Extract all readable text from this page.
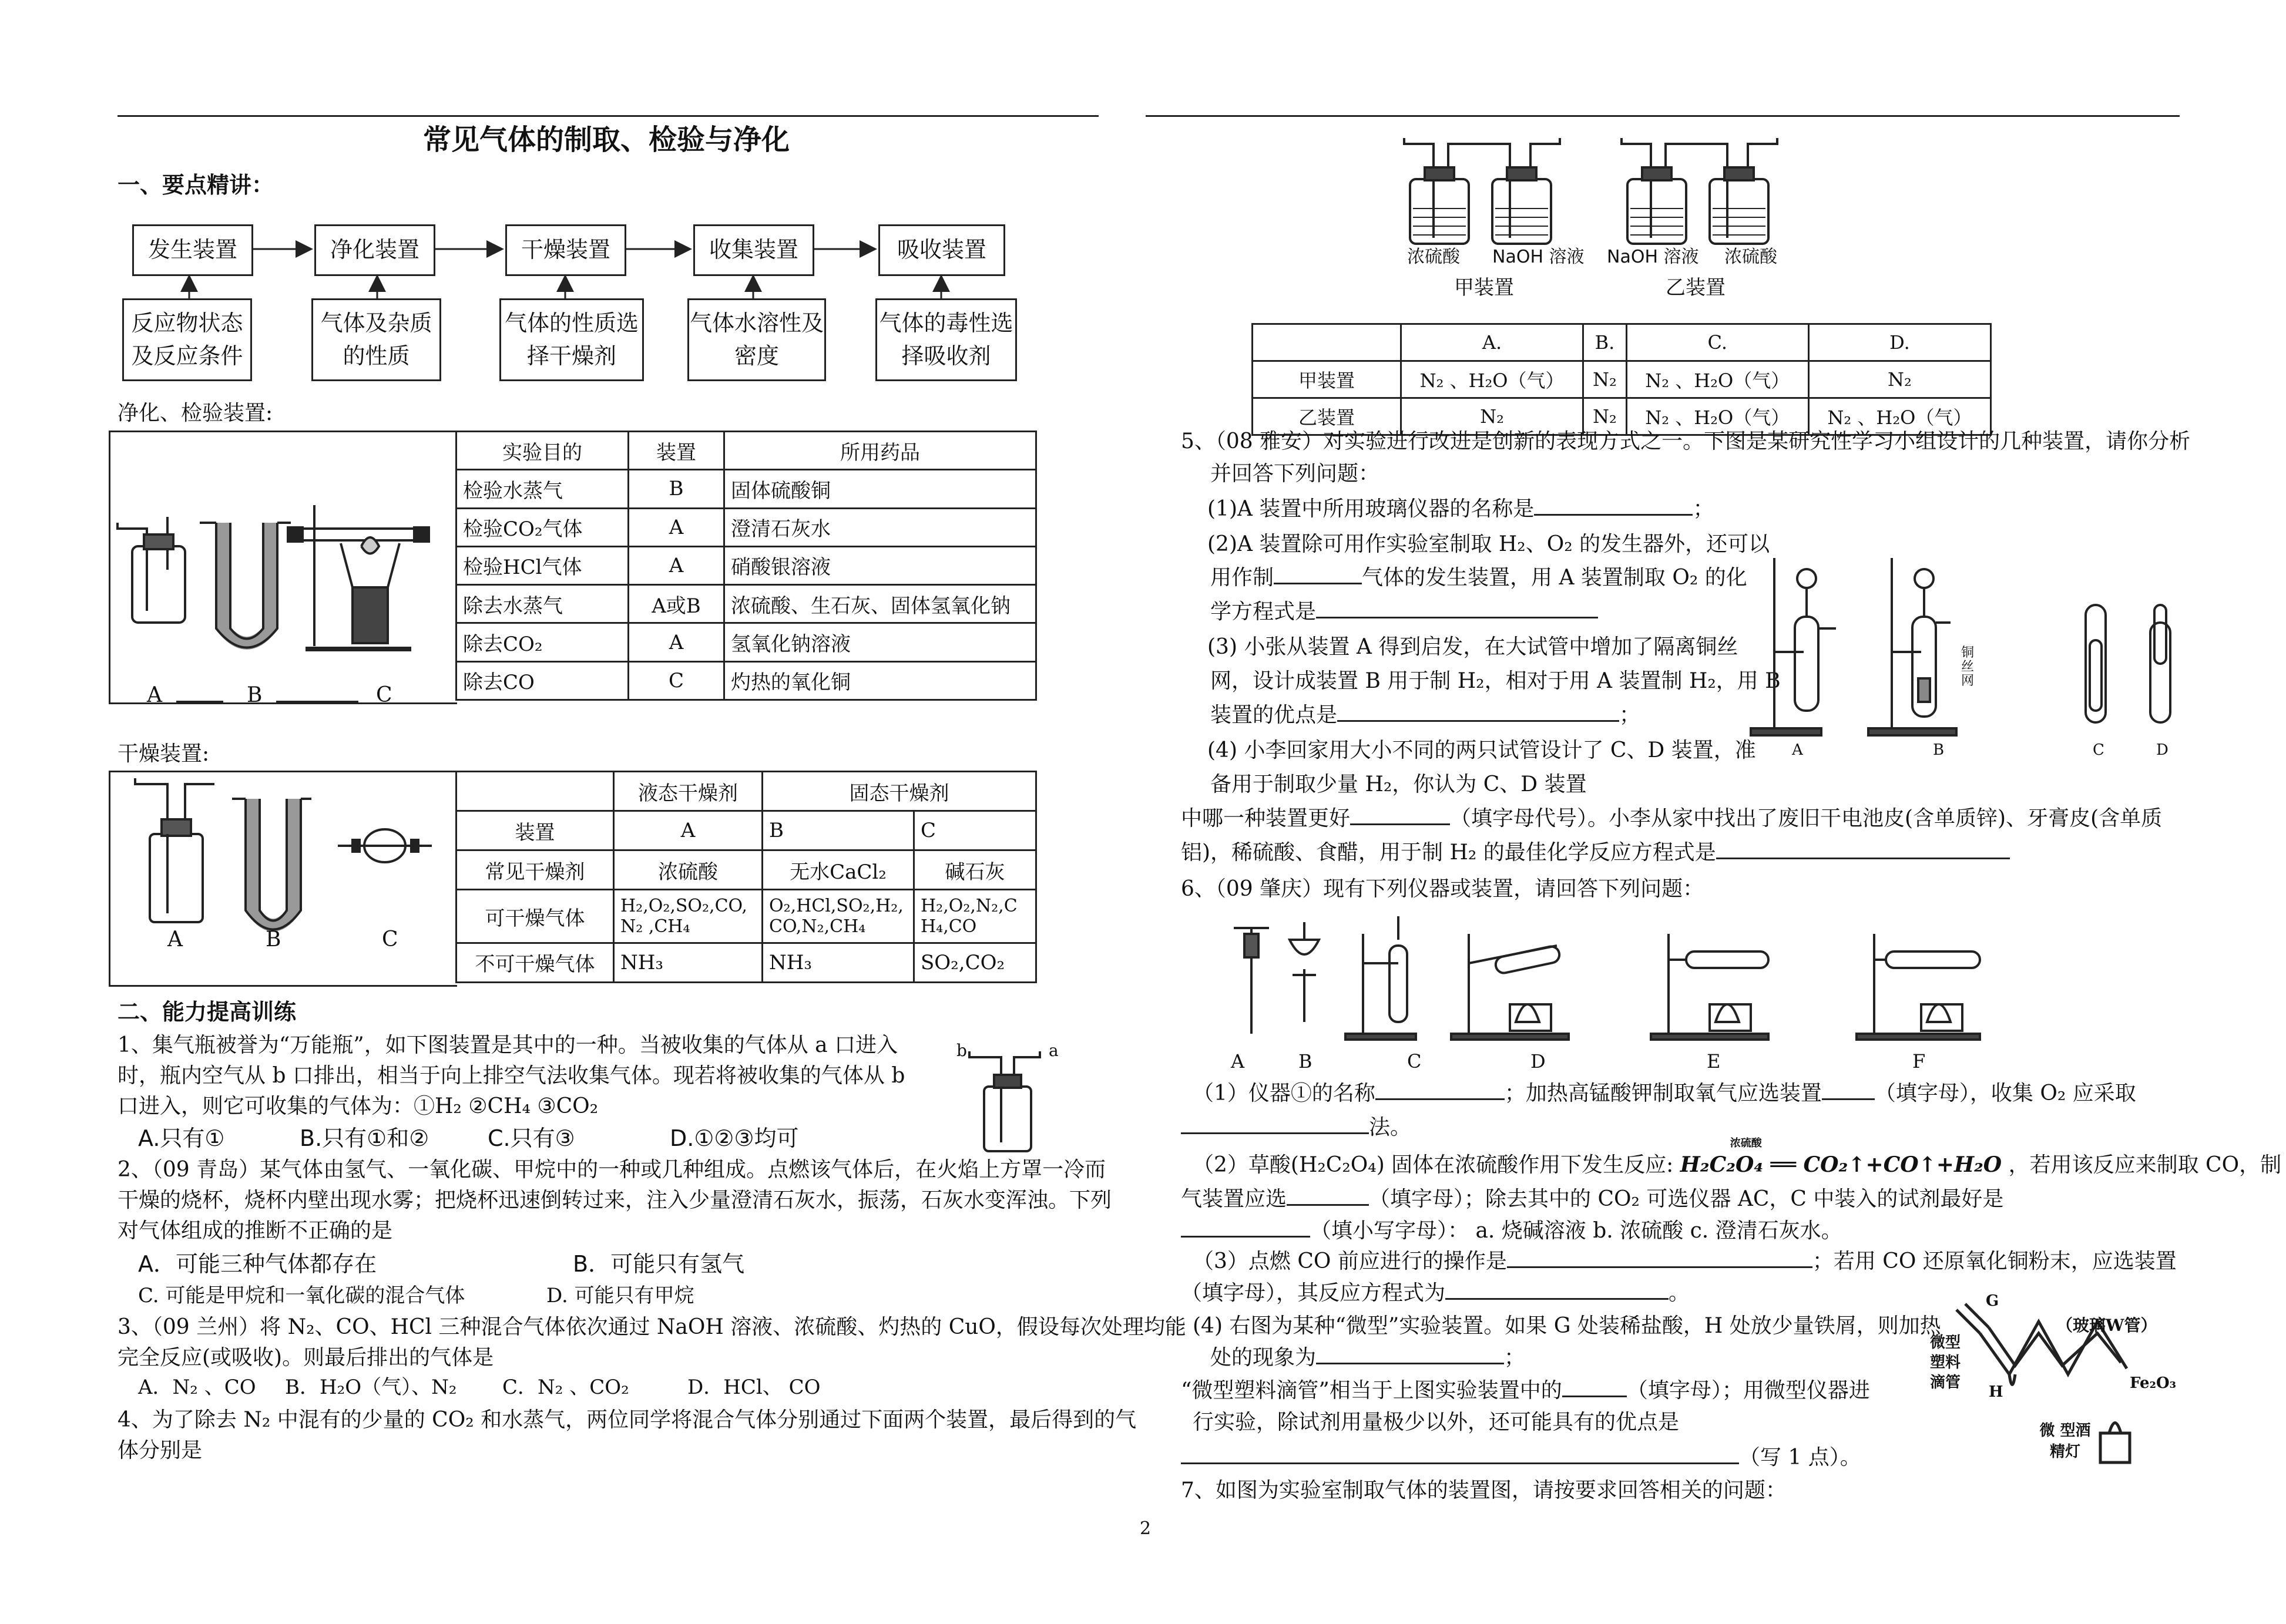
常见气体的制取、检验与净化
一、要点精讲：
发生装置	净化装置	干燥装置	收集装置	吸收装置
反应物状态及反应条件
气体及杂质的性质
气体的性质选择干燥剂
气体水溶性及密度
气体的毒性选择吸收剂
净化、检验装置:
A	B	C
实验目的	装置	所用药品
检验水蒸气	B	固体硫酸铜
检验CO₂气体	A	澄清石灰水
检验HCl气体	A	硝酸银溶液
除去水蒸气	A或B	浓硫酸、生石灰、固体氢氧化钠
除去CO₂	A	氢氧化钠溶液
除去CO	C	灼热的氧化铜
干燥装置:
A	B	C
	液态干燥剂	固态干燥剂	
装置	A	B	C
常见干燥剂	浓硫酸	无水CaCl₂	碱石灰
可干燥气体	H₂,O₂,SO₂,CO,N₂ ,CH₄	O₂,HCl,SO₂,H₂,CO,N₂,CH₄	H₂,O₂,N₂,CH₄,CO
不可干燥气体	NH₃	NH₃	SO₂,CO₂
二、能力提高训练
1、集气瓶被誉为“万能瓶”，如下图装置是其中的一种。当被收集的气体从 a 口进入
时，瓶内空气从 b 口排出，相当于向上排空气法收集气体。现若将被收集的气体从 b
口进入，则它可收集的气体为：①H₂ ②CH₄ ③CO₂
A.只有①	B.只有①和②	C.只有③	D.①②③均可
b	a
2、（09 青岛）某气体由氢气、一氧化碳、甲烷中的一种或几种组成。点燃该气体后，在火焰上方罩一冷而
干燥的烧杯，烧杯内壁出现水雾；把烧杯迅速倒转过来，注入少量澄清石灰水，振荡，石灰水变浑浊。下列
对气体组成的推断不正确的是
A．可能三种气体都存在	B．可能只有氢气
C. 可能是甲烷和一氧化碳的混合气体	D. 可能只有甲烷
3、（09 兰州）将 N₂、CO、HCl 三种混合气体依次通过 NaOH 溶液、浓硫酸、灼热的 CuO，假设每次处理均能
完全反应(或吸收)。则最后排出的气体是
A．N₂ 、CO B．H₂O（气）、N₂ C．N₂ 、CO₂	D．HCl、 CO
4、为了除去 N₂ 中混有的少量的 CO₂ 和水蒸气，两位同学将混合气体分别通过下面两个装置，最后得到的气
体分别是
浓硫酸 NaOH 溶液 NaOH 溶液 浓硫酸
甲装置	乙装置
	A.	B.	C.	D.
甲装置	N₂ 、H₂O（气）	N₂	N₂ 、H₂O（气）	N₂
乙装置	N₂	N₂	N₂ 、H₂O（气）	N₂ 、H₂O（气）
5、（08 雅安）对实验进行改进是创新的表现方式之一。下图是某研究性学习小组设计的几种装置，请你分析
并回答下列问题：
(1)A 装置中所用玻璃仪器的名称是	；
(2)A 装置除可用作实验室制取 H₂、O₂ 的发生器外，还可以
用作制	气体的发生装置，用 A 装置制取 O₂ 的化
学方程式是
(3) 小张从装置 A 得到启发，在大试管中增加了隔离铜丝
网，设计成装置 B 用于制 H₂，相对于用 A 装置制 H₂，用 B
装置的优点是	；
(4) 小李回家用大小不同的两只试管设计了 C、D 装置，准
备用于制取少量 H₂，你认为 C、D 装置
中哪一种装置更好	（填字母代号）。小李从家中找出了废旧干电池皮(含单质锌)、牙膏皮(含单质
铝)，稀硫酸、食醋，用于制 H₂ 的最佳化学反应方程式是
A	B	C	D
铜丝网
6、（09 肇庆）现有下列仪器或装置，请回答下列问题：
A	B	C	D	E	F
（1）仪器①的名称	；加热高锰酸钾制取氧气应选装置	（填字母），收集 O₂ 应采取
法。
（2）草酸(H₂C₂O₄) 固体在浓硫酸作用下发生反应:
浓硫酸
H₂C₂O₄ ══ CO₂↑+CO↑+H₂O ，若用该反应来制取 CO，制
气装置应选	（填字母）；除去其中的 CO₂ 可选仪器 AC，C 中装入的试剂最好是
（填小写字母）： a. 烧碱溶液 b. 浓硫酸 c. 澄清石灰水。
（3）点燃 CO 前应进行的操作是	；若用 CO 还原氧化铜粉末，应选装置
（填字母），其反应方程式为	。
(4) 右图为某种“微型”实验装置。如果 G 处装稀盐酸，H 处放少量铁屑，则加热
处的现象为	；
“微型塑料滴管”相当于上图实验装置中的	（填字母）；用微型仪器进
行实验，除试剂用量极少以外，还可能具有的优点是
（写 1 点）。
G
（玻璃W管）
微型塑料滴管
H	Fe₂O₃
微 型酒精灯
7、如图为实验室制取气体的装置图，请按要求回答相关的问题：
2
